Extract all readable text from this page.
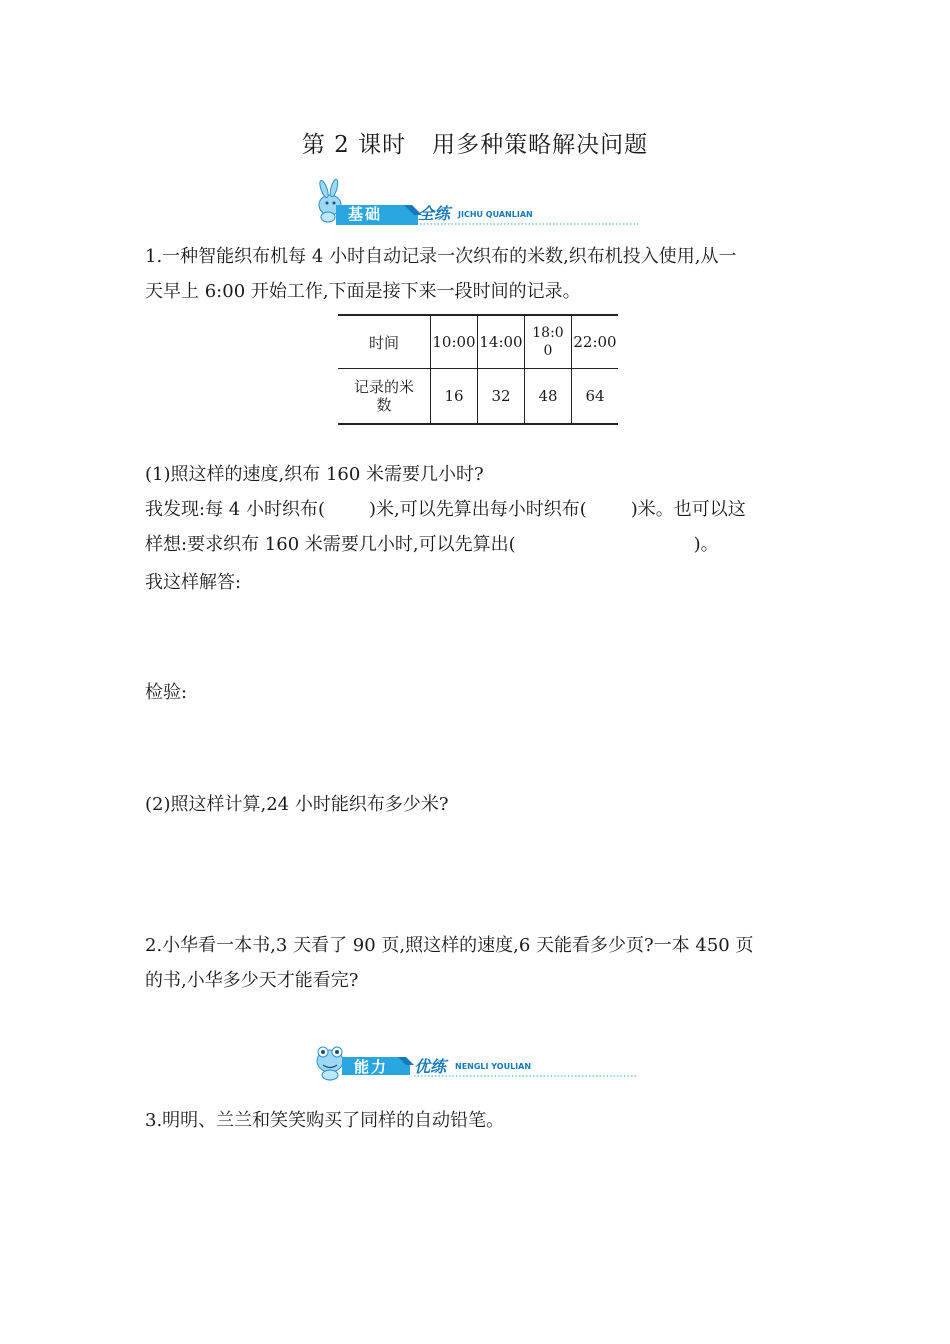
第 2 课时 用多种策略解决问题
基础 全练 JICHU QUANLIAN
1.一种智能织布机每 4 小时自动记录一次织布的米数,织布机投入使用,从一
天早上 6:00 开始工作,下面是接下来一段时间的记录。
时间	10:00	14:00	18:00	22:00

记录的米数	16	32	48	64
(1)照这样的速度,织布 160 米需要几小时?
我发现:每 4 小时织布( )米,可以先算出每小时织布( )米。也可以这
样想:要求织布 160 米需要几小时,可以先算出(	)。
我这样解答:
检验:
(2)照这样计算,24 小时能织布多少米?
2.小华看一本书,3 天看了 90 页,照这样的速度,6 天能看多少页?一本 450 页
的书,小华多少天才能看完?
能力 优练 NENGLI YOULIAN
3.明明、兰兰和笑笑购买了同样的自动铅笔。
